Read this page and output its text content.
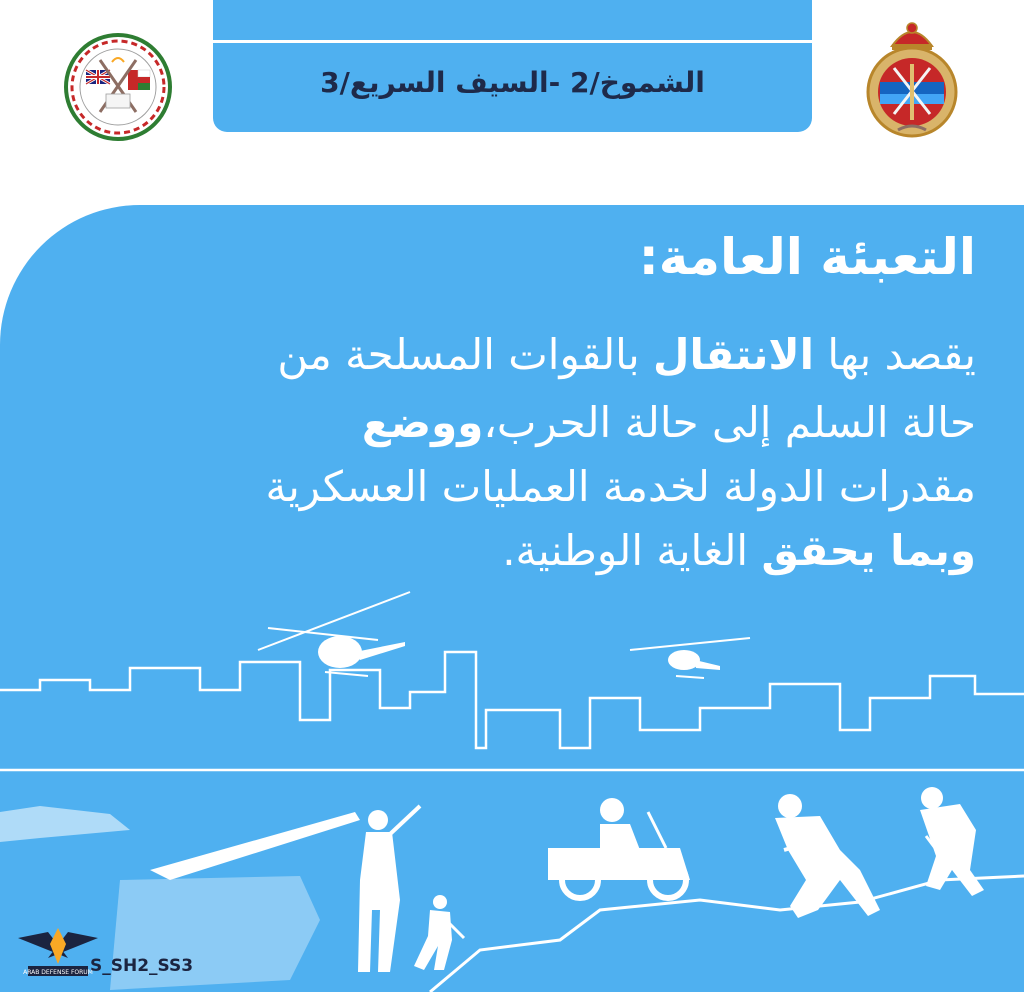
الشموخ/2 -السيف السريع/3
التعبئة العامة:
يقصد بها الانتقال بالقوات المسلحة من
حالة السلم إلى حالة الحرب،ووضع
مقدرات الدولة لخدمة العمليات العسكرية
وبما يحقق الغاية الوطنية.
ARAB DEFENSE FORUM
S_SH2_SS3
